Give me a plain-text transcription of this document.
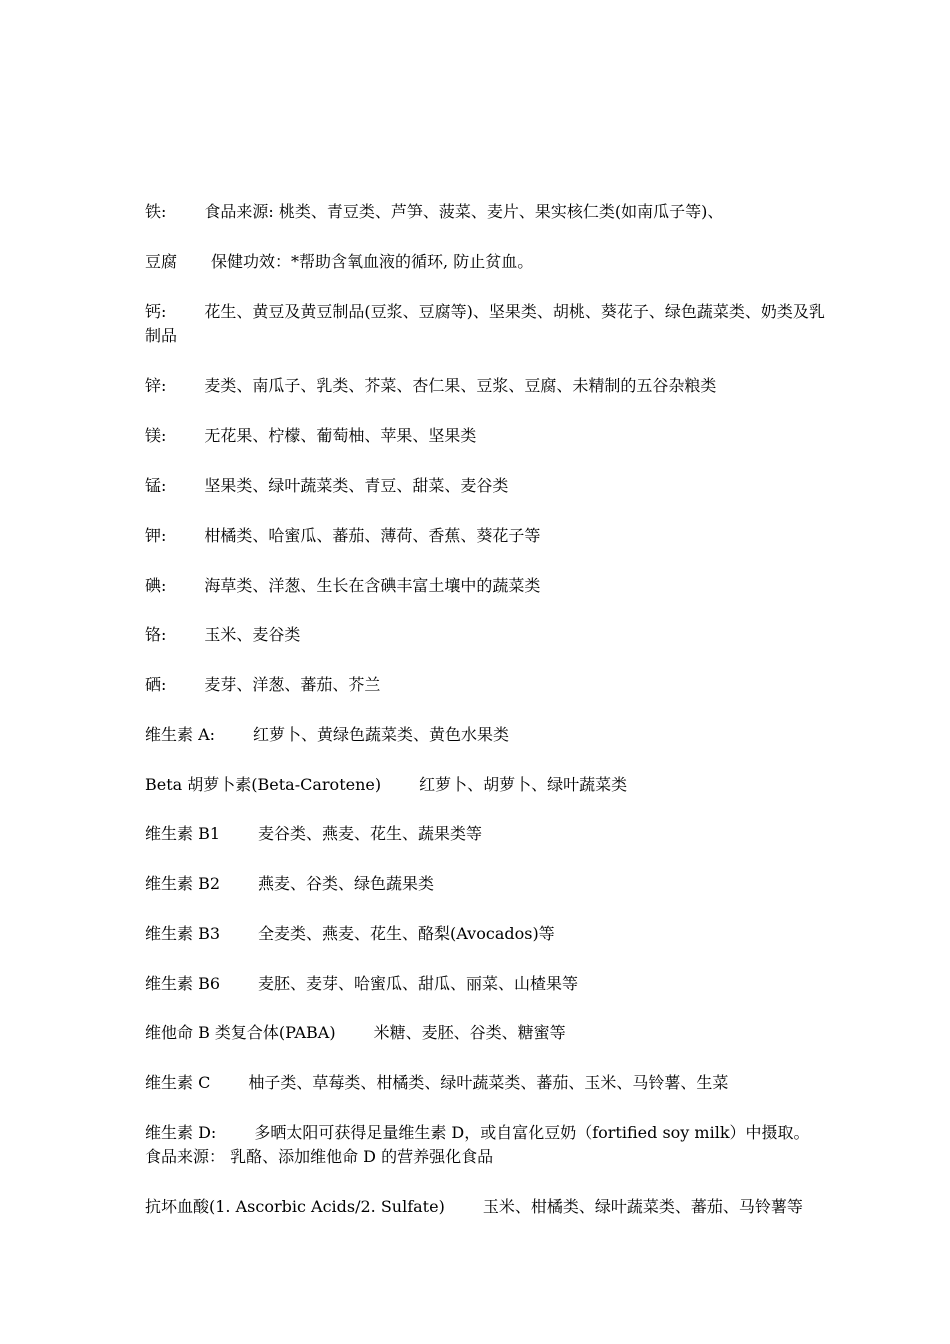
铁: 食品来源: 桃类、青豆类、芦笋、菠菜、麦片、果实核仁类(如南瓜子等)、
豆腐 保健功效：*帮助含氧血液的循环, 防止贫血。
钙: 花生、黄豆及黄豆制品(豆浆、豆腐等)、坚果类、胡桃、葵花子、绿色蔬菜类、奶类及乳
制品
锌: 麦类、南瓜子、乳类、芥菜、杏仁果、豆浆、豆腐、未精制的五谷杂粮类
镁: 无花果、柠檬、葡萄柚、苹果、坚果类
锰: 坚果类、绿叶蔬菜类、青豆、甜菜、麦谷类
钾: 柑橘类、哈蜜瓜、蕃茄、薄荷、香蕉、葵花子等
碘: 海草类、洋葱、生长在含碘丰富土壤中的蔬菜类
铬: 玉米、麦谷类
硒: 麦芽、洋葱、蕃茄、芥兰
维生素 A: 红萝卜、黄绿色蔬菜类、黄色水果类
Beta 胡萝卜素(Beta-Carotene) 红萝卜、胡萝卜、绿叶蔬菜类
维生素 B1 麦谷类、燕麦、花生、蔬果类等
维生素 B2 燕麦、谷类、绿色蔬果类
维生素 B3 全麦类、燕麦、花生、酪梨(Avocados)等
维生素 B6 麦胚、麦芽、哈蜜瓜、甜瓜、丽菜、山楂果等
维他命 B 类复合体(PABA) 米糖、麦胚、谷类、糖蜜等
维生素 C 柚子类、草莓类、柑橘类、绿叶蔬菜类、蕃茄、玉米、马铃薯、生菜
维生素 D: 多晒太阳可获得足量维生素 D，或自富化豆奶（fortified soy milk）中摄取。
食品来源： 乳酪、添加维他命 D 的营养强化食品
抗坏血酸(1. Ascorbic Acids/2. Sulfate) 玉米、柑橘类、绿叶蔬菜类、蕃茄、马铃薯等
